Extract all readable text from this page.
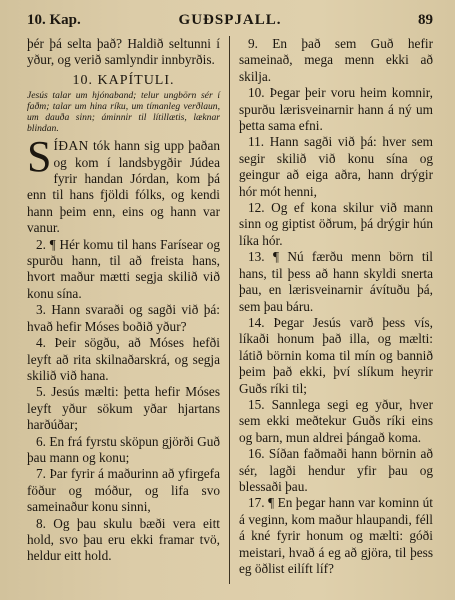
10. Kap.	GUÐSPJALL.	89

þér þá selta það? Haldið seltunni í yður, og verið samlyndir innbyrðis.

10. KAPÍTULI.

Jesús talar um hjónaband; telur ungbörn sér í faðm; talar um hina ríku, um tímanleg verðlaun, um dauða sinn; áminnir til lítillætis, læknar blindan.

SÍÐAN tók hann sig upp þaðan og kom í landsbygðir Júdea fyrir handan Jórdan, kom þá enn til hans fjöldi fólks, og kendi hann þeim enn, eins og hann var vanur.

2. ¶ Hér komu til hans Farísear og spurðu hann, til að freista hans, hvort maður mætti segja skilið við konu sína.

3. Hann svaraði og sagði við þá: hvað hefir Móses boðið yður?

4. Þeir sögðu, að Móses hefði leyft að rita skilnaðarskrá, og segja skilið við hana.

5. Jesús mælti: þetta hefir Móses leyft yður sökum yðar hjartans harðúðar;

6. En frá fyrstu sköpun gjörði Guð þau mann og konu;

7. Þar fyrir á maðurinn að yfirgefa föður og móður, og lifa svo sameinaður konu sinni,

8. Og þau skulu bæði vera eitt hold, svo þau eru ekki framar tvö, heldur eitt hold.

9. En það sem Guð hefir sameinað, mega menn ekki að skilja.

10. Þegar þeir voru heim komnir, spurðu lærisveinarnir hann á ný um þetta sama efni.

11. Hann sagði við þá: hver sem segir skilið við konu sína og geingur að eiga aðra, hann drýgir hór mót henni,

12. Og ef kona skilur við mann sinn og giptist öðrum, þá drýgir hún líka hór.

13. ¶ Nú færðu menn börn til hans, til þess að hann skyldi snerta þau, en lærisveinarnir ávítuðu þá, sem þau báru.

14. Þegar Jesús varð þess vís, líkaði honum það illa, og mælti: látið börnin koma til mín og bannið þeim það ekki, því slíkum heyrir Guðs ríki til;

15. Sannlega segi eg yður, hver sem ekki meðtekur Guðs ríki eins og barn, mun aldrei þángað koma.

16. Síðan faðmaði hann börnin að sér, lagði hendur yfir þau og blessaði þau.

17. ¶ En þegar hann var kominn út á veginn, kom maður hlaupandi, féll á kné fyrir honum og mælti: góði meistari, hvað á eg að gjöra, til þess eg öðlist eilíft líf?
